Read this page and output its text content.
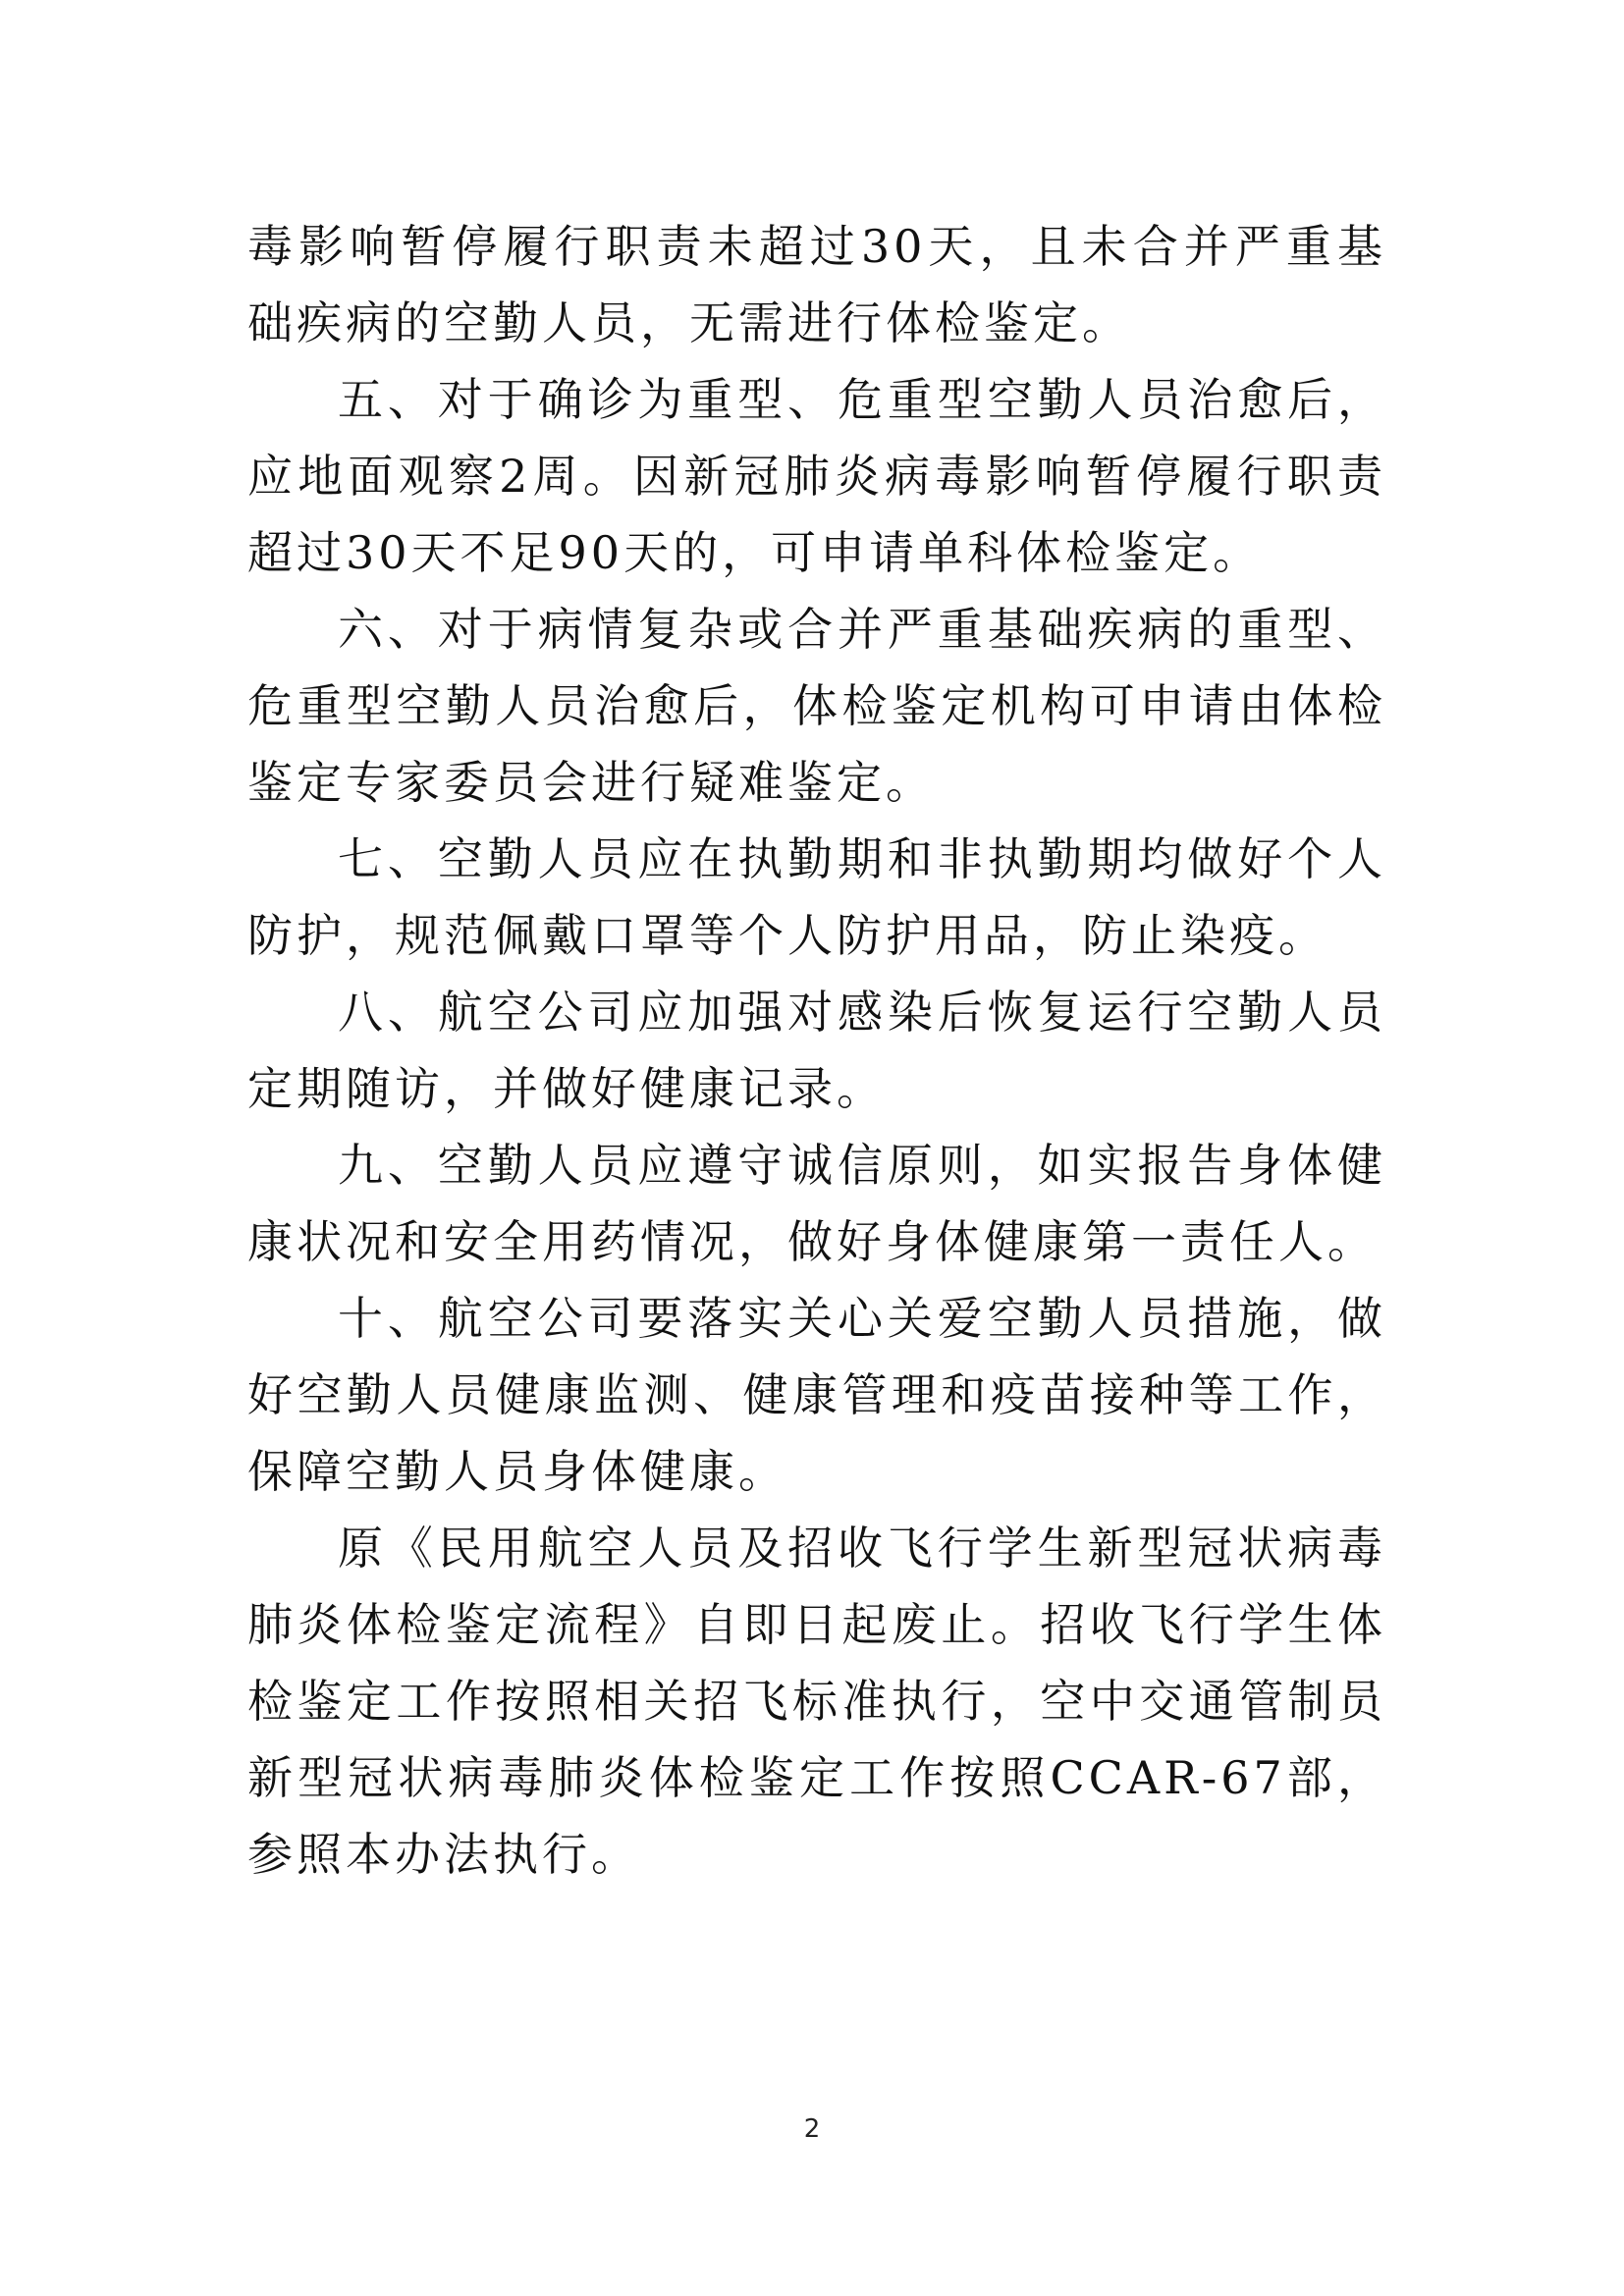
毒影响暂停履行职责未超过30天，且未合并严重基础疾病的空勤人员，无需进行体检鉴定。

五、对于确诊为重型、危重型空勤人员治愈后，应地面观察2周。因新冠肺炎病毒影响暂停履行职责超过30天不足90天的，可申请单科体检鉴定。

六、对于病情复杂或合并严重基础疾病的重型、危重型空勤人员治愈后，体检鉴定机构可申请由体检鉴定专家委员会进行疑难鉴定。

七、空勤人员应在执勤期和非执勤期均做好个人防护，规范佩戴口罩等个人防护用品，防止染疫。

八、航空公司应加强对感染后恢复运行空勤人员定期随访，并做好健康记录。

九、空勤人员应遵守诚信原则，如实报告身体健康状况和安全用药情况，做好身体健康第一责任人。

十、航空公司要落实关心关爱空勤人员措施，做好空勤人员健康监测、健康管理和疫苗接种等工作，保障空勤人员身体健康。

原《民用航空人员及招收飞行学生新型冠状病毒肺炎体检鉴定流程》自即日起废止。招收飞行学生体检鉴定工作按照相关招飞标准执行，空中交通管制员新型冠状病毒肺炎体检鉴定工作按照CCAR-67部，参照本办法执行。

2
